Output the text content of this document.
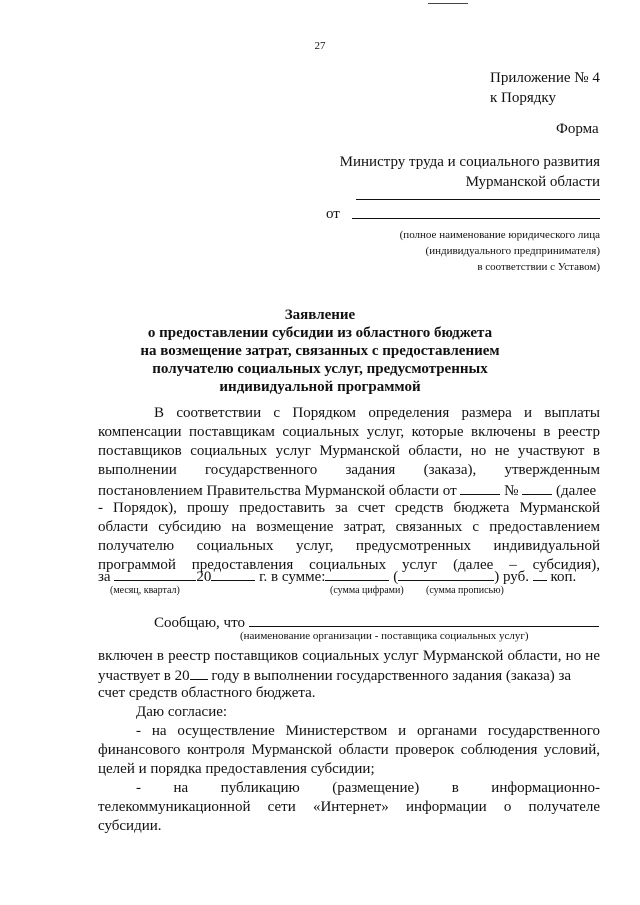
27
Приложение № 4
к Порядку
Форма
Министру труда и социального развития
Мурманской области
от
(полное наименование юридического лица
(индивидуального предпринимателя)
в соответствии с Уставом)
Заявление
о предоставлении субсидии из областного бюджета
на возмещение затрат, связанных с предоставлением
получателю социальных услуг, предусмотренных
индивидуальной программой
В соответствии с Порядком определения размера и выплаты
компенсации поставщикам социальных услуг, которые включены в реестр
поставщиков социальных услуг Мурманской области, но не участвуют в
выполнении государственного задания (заказа), утвержденным
постановлением Правительства Мурманской области от	№	(далее
- Порядок), прошу предоставить за счет средств бюджета Мурманской
области субсидию на возмещение затрат, связанных с предоставлением
получателю социальных услуг, предусмотренных индивидуальной
программой предоставления социальных услуг (далее – субсидия),
за	20	г. в сумме:	(	) руб. коп.
(месяц, квартал)	(сумма цифрами) (сумма прописью)
Сообщаю, что
(наименование организации - поставщика социальных услуг)
включен в реестр поставщиков социальных услуг Мурманской области, но не
участвует в 20 году в выполнении государственного задания (заказа) за
счет средств областного бюджета.
Даю согласие:
- на осуществление Министерством и органами государственного
финансового контроля Мурманской области проверок соблюдения условий,
целей и порядка предоставления субсидии;
- на публикацию (размещение) в информационно-
телекоммуникационной сети «Интернет» информации о получателе
субсидии.
